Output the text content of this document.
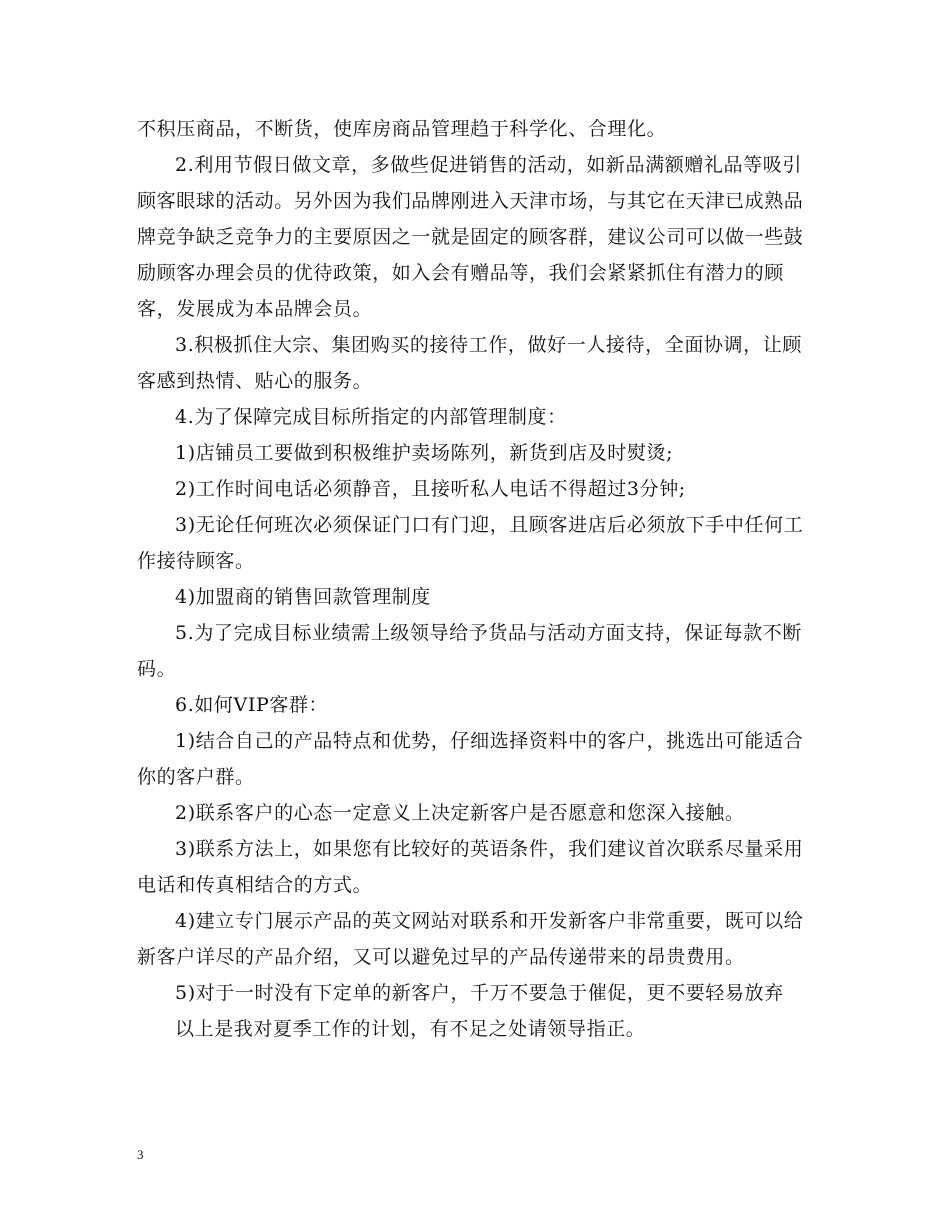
不积压商品，不断货，使库房商品管理趋于科学化、合理化。

2.利用节假日做文章，多做些促进销售的活动，如新品满额赠礼品等吸引顾客眼球的活动。另外因为我们品牌刚进入天津市场，与其它在天津已成熟品牌竞争缺乏竞争力的主要原因之一就是固定的顾客群，建议公司可以做一些鼓励顾客办理会员的优待政策，如入会有赠品等，我们会紧紧抓住有潜力的顾客，发展成为本品牌会员。

3.积极抓住大宗、集团购买的接待工作，做好一人接待，全面协调，让顾客感到热情、贴心的服务。

4.为了保障完成目标所指定的内部管理制度：

1)店铺员工要做到积极维护卖场陈列，新货到店及时熨烫;

2)工作时间电话必须静音，且接听私人电话不得超过3分钟;

3)无论任何班次必须保证门口有门迎，且顾客进店后必须放下手中任何工作接待顾客。

4)加盟商的销售回款管理制度

5.为了完成目标业绩需上级领导给予货品与活动方面支持，保证每款不断码。

6.如何VIP客群：

1)结合自己的产品特点和优势，仔细选择资料中的客户，挑选出可能适合你的客户群。

2)联系客户的心态一定意义上决定新客户是否愿意和您深入接触。

3)联系方法上，如果您有比较好的英语条件，我们建议首次联系尽量采用电话和传真相结合的方式。

4)建立专门展示产品的英文网站对联系和开发新客户非常重要，既可以给新客户详尽的产品介绍，又可以避免过早的产品传递带来的昂贵费用。

5)对于一时没有下定单的新客户，千万不要急于催促，更不要轻易放弃

以上是我对夏季工作的计划，有不足之处请领导指正。

3
